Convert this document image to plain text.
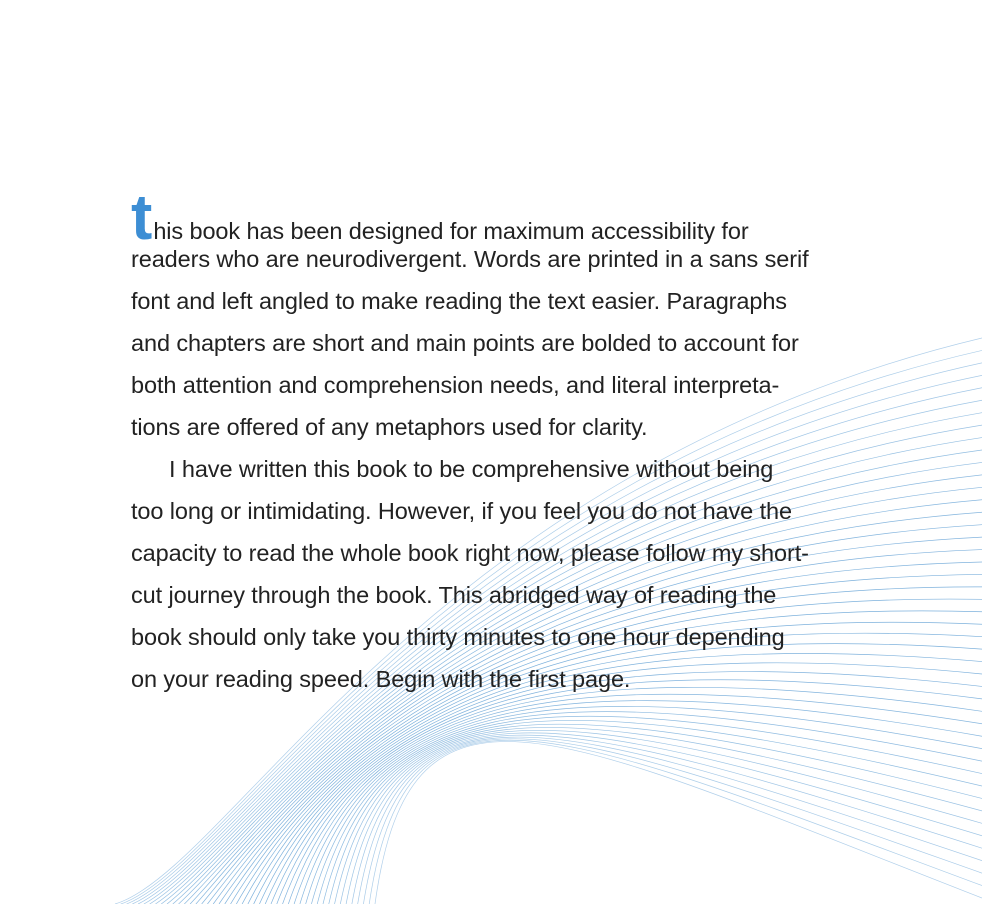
this book has been designed for maximum accessibility for
readers who are neurodivergent. Words are printed in a sans serif
font and left angled to make reading the text easier. Paragraphs
and chapters are short and main points are bolded to account for
both attention and comprehension needs, and literal interpreta-
tions are offered of any metaphors used for clarity.
I have written this book to be comprehensive without being
too long or intimidating. However, if you feel you do not have the
capacity to read the whole book right now, please follow my short-
cut journey through the book. This abridged way of reading the
book should only take you thirty minutes to one hour depending
on your reading speed. Begin with the first page.
